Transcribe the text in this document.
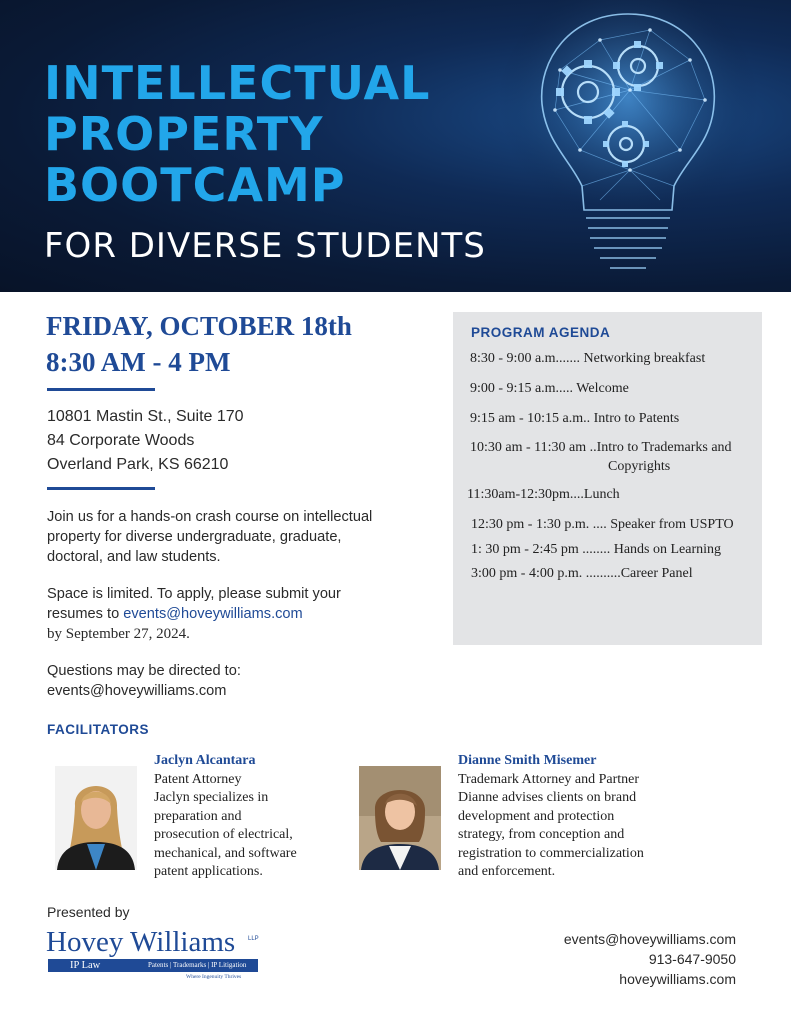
INTELLECTUAL
PROPERTY
BOOTCAMP
FOR DIVERSE STUDENTS
FRIDAY, OCTOBER 18th
8:30 AM - 4 PM
10801 Mastin St., Suite 170
84 Corporate Woods
Overland Park, KS 66210
Join us for a hands-on crash course on intellectual
property for diverse undergraduate, graduate,
doctoral, and law students.
Space is limited. To apply, please submit your
resumes to events@hoveywilliams.com
by September 27, 2024.
Questions may be directed to:
events@hoveywilliams.com
PROGRAM AGENDA
8:30 - 9:00 a.m....... Networking breakfast
9:00 - 9:15 a.m..... Welcome
9:15 am - 10:15 a.m.. Intro to Patents
10:30 am - 11:30 am ..Intro to Trademarks and
Copyrights
11:30am-12:30pm....Lunch
12:30 pm - 1:30 p.m. .... Speaker from USPTO
1: 30 pm - 2:45 pm ........ Hands on Learning
3:00 pm - 4:00 p.m. ..........Career Panel
FACILITATORS
Jaclyn Alcantara
Patent Attorney
Jaclyn specializes in
preparation and
prosecution of electrical,
mechanical, and software
patent applications.
Dianne Smith Misemer
Trademark Attorney and Partner
Dianne advises clients on brand
development and protection
strategy, from conception and
registration to commercialization
and enforcement.
Presented by
Hovey Williams LLP
IP Law	Patents | Trademarks | IP Litigation
Where Ingenuity Thrives
events@hoveywilliams.com
913-647-9050
hoveywilliams.com
